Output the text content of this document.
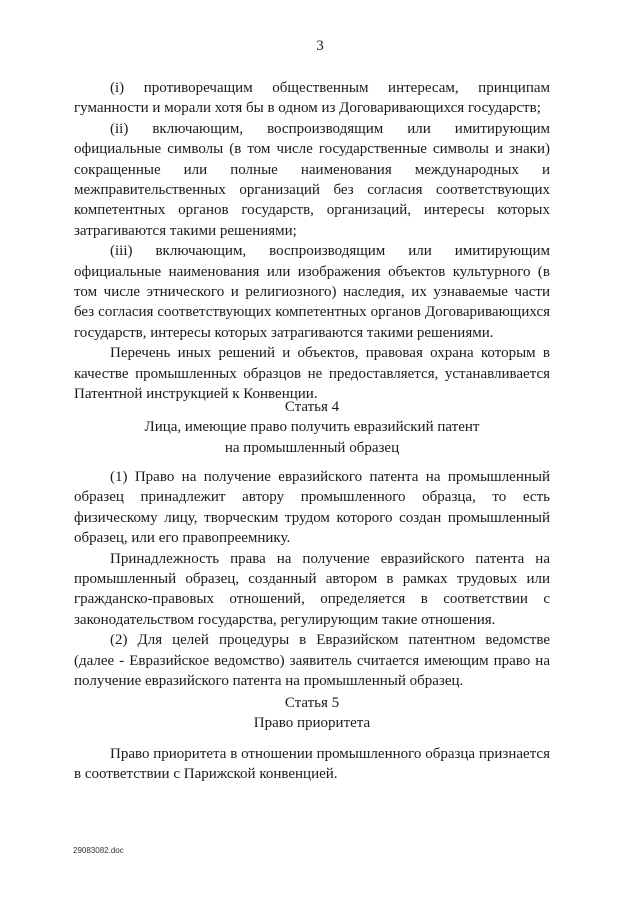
3

(i) противоречащим общественным интересам, принципам гуманности и морали хотя бы в одном из Договаривающихся государств;

(ii) включающим, воспроизводящим или имитирующим официальные символы (в том числе государственные символы и знаки) сокращенные или полные наименования международных и межправительственных организаций без согласия соответствующих компетентных органов государств, организаций, интересы которых затрагиваются такими решениями;

(iii) включающим, воспроизводящим или имитирующим официальные наименования или изображения объектов культурного (в том числе этнического и религиозного) наследия, их узнаваемые части без согласия соответствующих компетентных органов Договаривающихся государств, интересы которых затрагиваются такими решениями.

Перечень иных решений и объектов, правовая охрана которым в качестве промышленных образцов не предоставляется, устанавливается Патентной инструкцией к Конвенции.

Статья 4
Лица, имеющие право получить евразийский патент
на промышленный образец

(1) Право на получение евразийского патента на промышленный образец принадлежит автору промышленного образца, то есть физическому лицу, творческим трудом которого создан промышленный образец, или его правопреемнику.

Принадлежность права на получение евразийского патента на промышленный образец, созданный автором в рамках трудовых или гражданско-правовых отношений, определяется в соответствии с законодательством государства, регулирующим такие отношения.

(2) Для целей процедуры в Евразийском патентном ведомстве (далее - Евразийское ведомство) заявитель считается имеющим право на получение евразийского патента на промышленный образец.

Статья 5
Право приоритета

Право приоритета в отношении промышленного образца признается в соответствии с Парижской конвенцией.

29083082.doc
